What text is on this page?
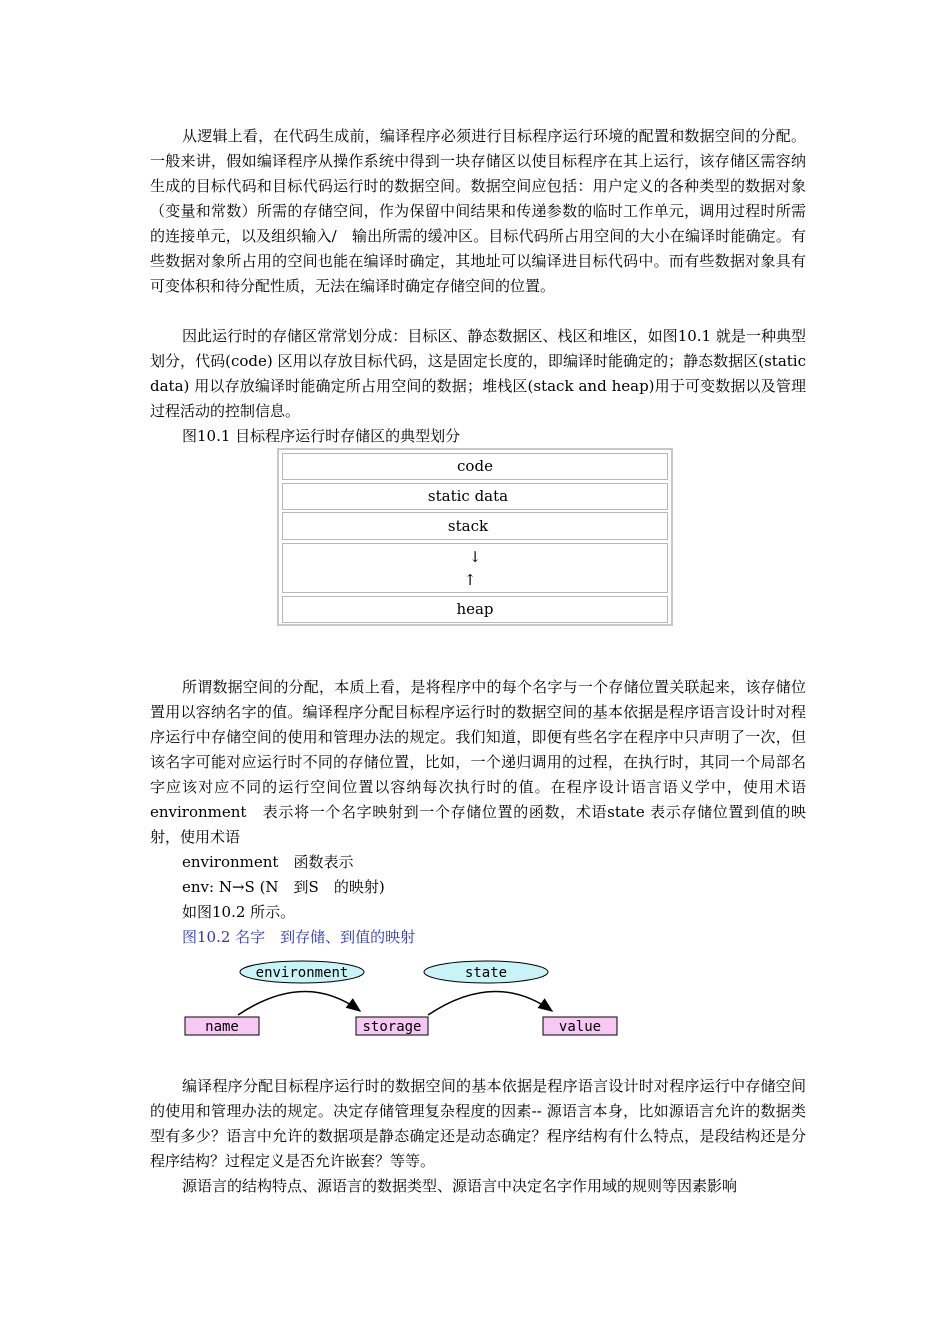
从逻辑上看，在代码生成前，编译程序必须进行目标程序运行环境的配置和数据空间的分配。一般来讲，假如编译程序从操作系统中得到一块存储区以使目标程序在其上运行，该存储区需容纳生成的目标代码和目标代码运行时的数据空间。数据空间应包括：用户定义的各种类型的数据对象（变量和常数）所需的存储空间，作为保留中间结果和传递参数的临时工作单元，调用过程时所需的连接单元，以及组织输入/　输出所需的缓冲区。目标代码所占用空间的大小在编译时能确定。有些数据对象所占用的空间也能在编译时确定，其地址可以编译进目标代码中。而有些数据对象具有可变体积和待分配性质，无法在编译时确定存储空间的位置。

因此运行时的存储区常常划分成：目标区、静态数据区、栈区和堆区，如图10.1 就是一种典型划分，代码(code) 区用以存放目标代码，这是固定长度的，即编译时能确定的；静态数据区(static data) 用以存放编译时能确定所占用空间的数据；堆栈区(stack and heap)用于可变数据以及管理过程活动的控制信息。

图10.1 目标程序运行时存储区的典型划分
code
static data
stack
↓
↑
heap

所谓数据空间的分配，本质上看，是将程序中的每个名字与一个存储位置关联起来，该存储位置用以容纳名字的值。编译程序分配目标程序运行时的数据空间的基本依据是程序语言设计时对程序运行中存储空间的使用和管理办法的规定。我们知道，即便有些名字在程序中只声明了一次，但该名字可能对应运行时不同的存储位置，比如，一个递归调用的过程，在执行时，其同一个局部名字应该对应不同的运行空间位置以容纳每次执行时的值。在程序设计语言语义学中，使用术语environment　表示将一个名字映射到一个存储位置的函数，术语state 表示存储位置到值的映射，使用术语

environment　函数表示
env: N→S (N　到S　的映射)
如图10.2 所示。
图10.2 名字　到存储、到值的映射
environment	state
name	storage	value

编译程序分配目标程序运行时的数据空间的基本依据是程序语言设计时对程序运行中存储空间的使用和管理办法的规定。决定存储管理复杂程度的因素-- 源语言本身，比如源语言允许的数据类型有多少？语言中允许的数据项是静态确定还是动态确定？程序结构有什么特点，是段结构还是分程序结构？过程定义是否允许嵌套？等等。

源语言的结构特点、源语言的数据类型、源语言中决定名字作用域的规则等因素影响
